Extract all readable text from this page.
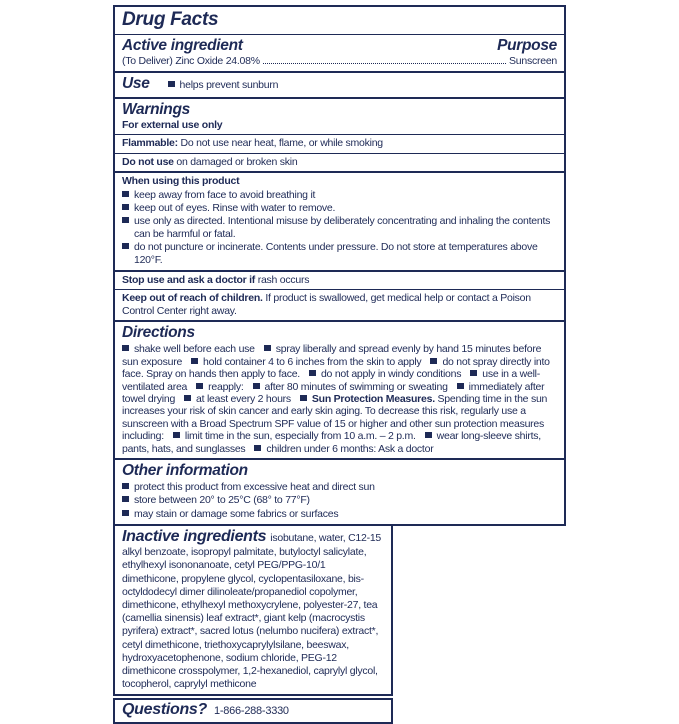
Drug Facts
Active ingredient	Purpose
(To Deliver) Zinc Oxide 24.08%	Sunscreen
Use	helps prevent sunburn
Warnings
For external use only
Flammable: Do not use near heat, flame, or while smoking
Do not use on damaged or broken skin
When using this product
keep away from face to avoid breathing it
keep out of eyes. Rinse with water to remove.
use only as directed. Intentional misuse by deliberately concentrating and inhaling the contents can be harmful or fatal.
do not puncture or incinerate. Contents under pressure. Do not store at temperatures above 120°F.
Stop use and ask a doctor if rash occurs
Keep out of reach of children. If product is swallowed, get medical help or contact a Poison Control Center right away.
Directions
shake well before each use spray liberally and spread evenly by hand 15 minutes before sun exposure hold container 4 to 6 inches from the skin to apply do not spray directly into face. Spray on hands then apply to face. do not apply in windy conditions use in a well-ventilated area reapply: after 80 minutes of swimming or sweating immediately after towel drying at least every 2 hours Sun Protection Measures. Spending time in the sun increases your risk of skin cancer and early skin aging. To decrease this risk, regularly use a sunscreen with a Broad Spectrum SPF value of 15 or higher and other sun protection measures including: limit time in the sun, especially from 10 a.m. – 2 p.m. wear long-sleeve shirts, pants, hats, and sunglasses children under 6 months: Ask a doctor
Other information
protect this product from excessive heat and direct sun
store between 20° to 25°C (68° to 77°F)
may stain or damage some fabrics or surfaces
Inactive ingredients isobutane, water, C12-15 alkyl benzoate, isopropyl palmitate, butyloctyl salicylate, ethylhexyl isononanoate, cetyl PEG/PPG-10/1 dimethicone, propylene glycol, cyclopentasiloxane, bis-octyldodecyl dimer dilinoleate/propanediol copolymer, dimethicone, ethylhexyl methoxycrylene, polyester-27, tea (camellia sinensis) leaf extract*, giant kelp (macrocystis pyrifera) extract*, sacred lotus (nelumbo nucifera) extract*, cetyl dimethicone, triethoxycaprylylsilane, beeswax, hydroxyacetophenone, sodium chloride, PEG-12 dimethicone crosspolymer, 1,2-hexanediol, caprylyl glycol, tocopherol, caprylyl methicone
Questions? 1-866-288-3330
